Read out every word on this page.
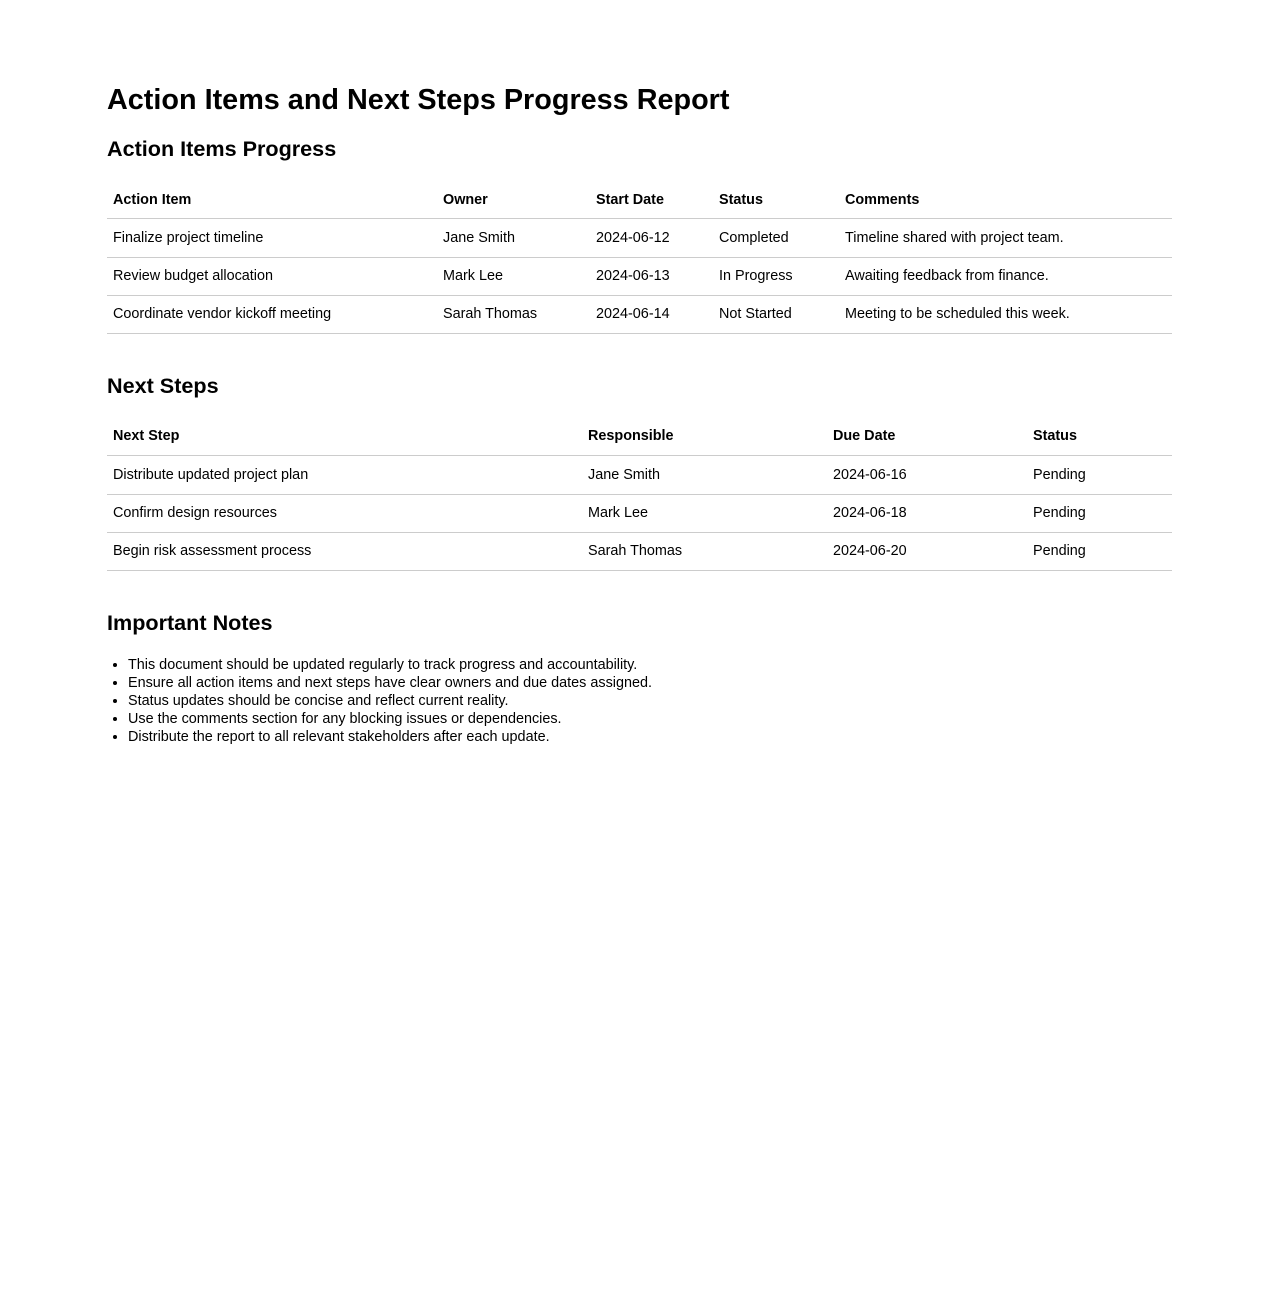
Action Items and Next Steps Progress Report
Action Items Progress
Action Item	Owner	Start Date	Status	Comments
Finalize project timeline	Jane Smith	2024-06-12	Completed	Timeline shared with project team.
Review budget allocation	Mark Lee	2024-06-13	In Progress	Awaiting feedback from finance.
Coordinate vendor kickoff meeting	Sarah Thomas	2024-06-14	Not Started	Meeting to be scheduled this week.
Next Steps
Next Step	Responsible	Due Date	Status
Distribute updated project plan	Jane Smith	2024-06-16	Pending
Confirm design resources	Mark Lee	2024-06-18	Pending
Begin risk assessment process	Sarah Thomas	2024-06-20	Pending
Important Notes
• This document should be updated regularly to track progress and accountability.
• Ensure all action items and next steps have clear owners and due dates assigned.
• Status updates should be concise and reflect current reality.
• Use the comments section for any blocking issues or dependencies.
• Distribute the report to all relevant stakeholders after each update.
